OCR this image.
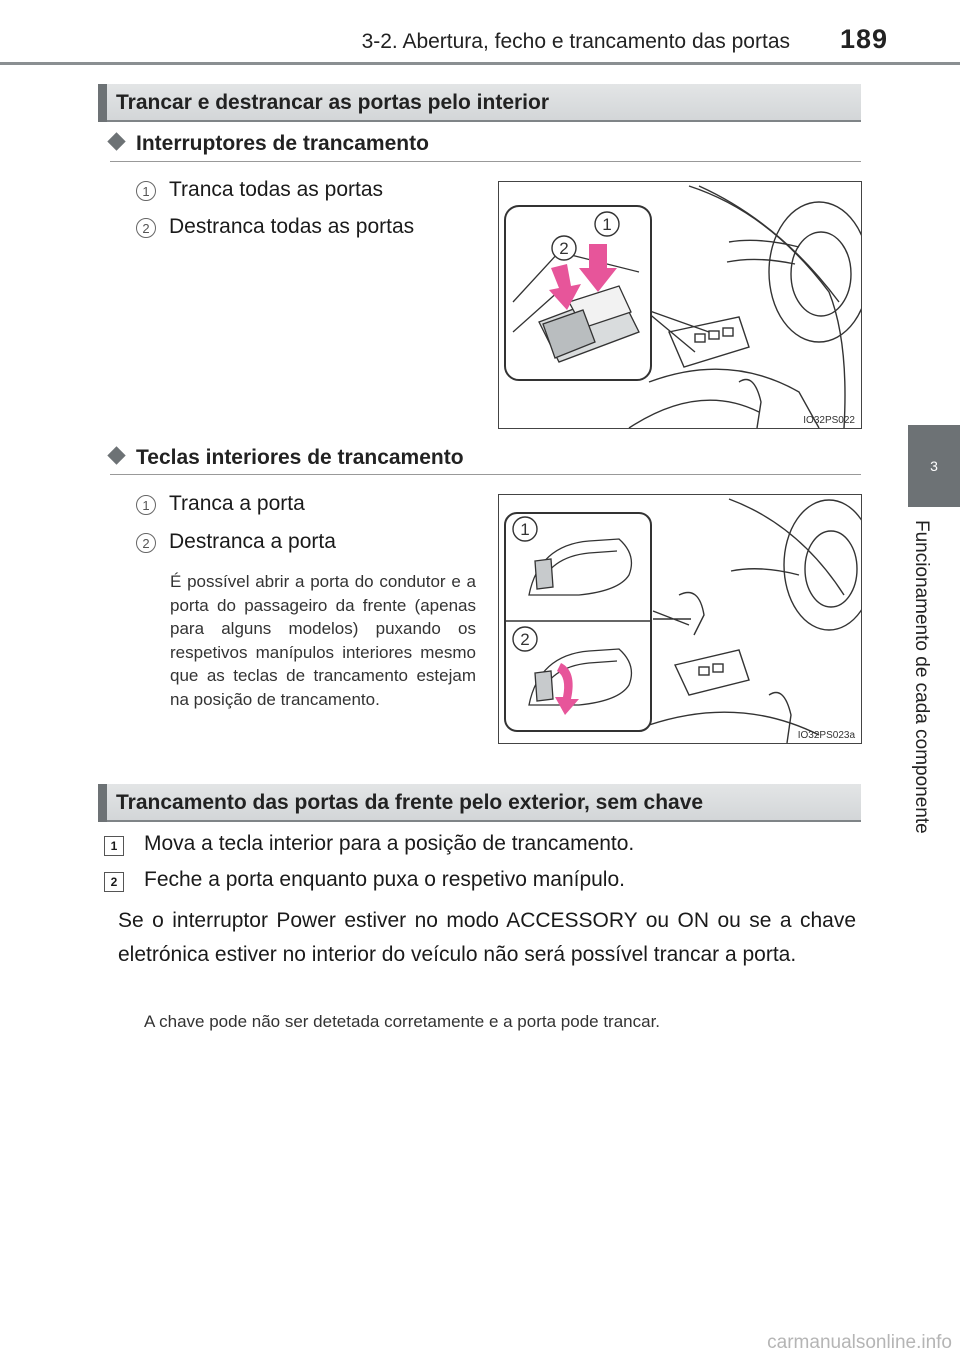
3-2. Abertura, fecho e trancamento das portas 189
3
Funcionamento de cada componente
Trancar e destrancar as portas pelo interior
Interruptores de trancamento
1 Tranca todas as portas
2 Destranca todas as portas	1
2
IO32PS022
Teclas interiores de trancamento
1 Tranca a porta
2 Destranca a porta
É possível abrir a porta do condutor e a porta do passageiro da frente (apenas para alguns modelos) puxando os respetivos manípulos interiores mesmo que as teclas de trancamento estejam na posição de trancamento.
1
2
IO32PS023a
Trancamento das portas da frente pelo exterior, sem chave
1	Mova a tecla interior para a posição de trancamento.
2	Feche a porta enquanto puxa o respetivo manípulo.
Se o interruptor Power estiver no modo ACCESSORY ou ON ou se a chave eletrónica estiver no interior do veículo não será possível trancar a porta.
A chave pode não ser detetada corretamente e a porta pode trancar.
carmanualsonline.info
